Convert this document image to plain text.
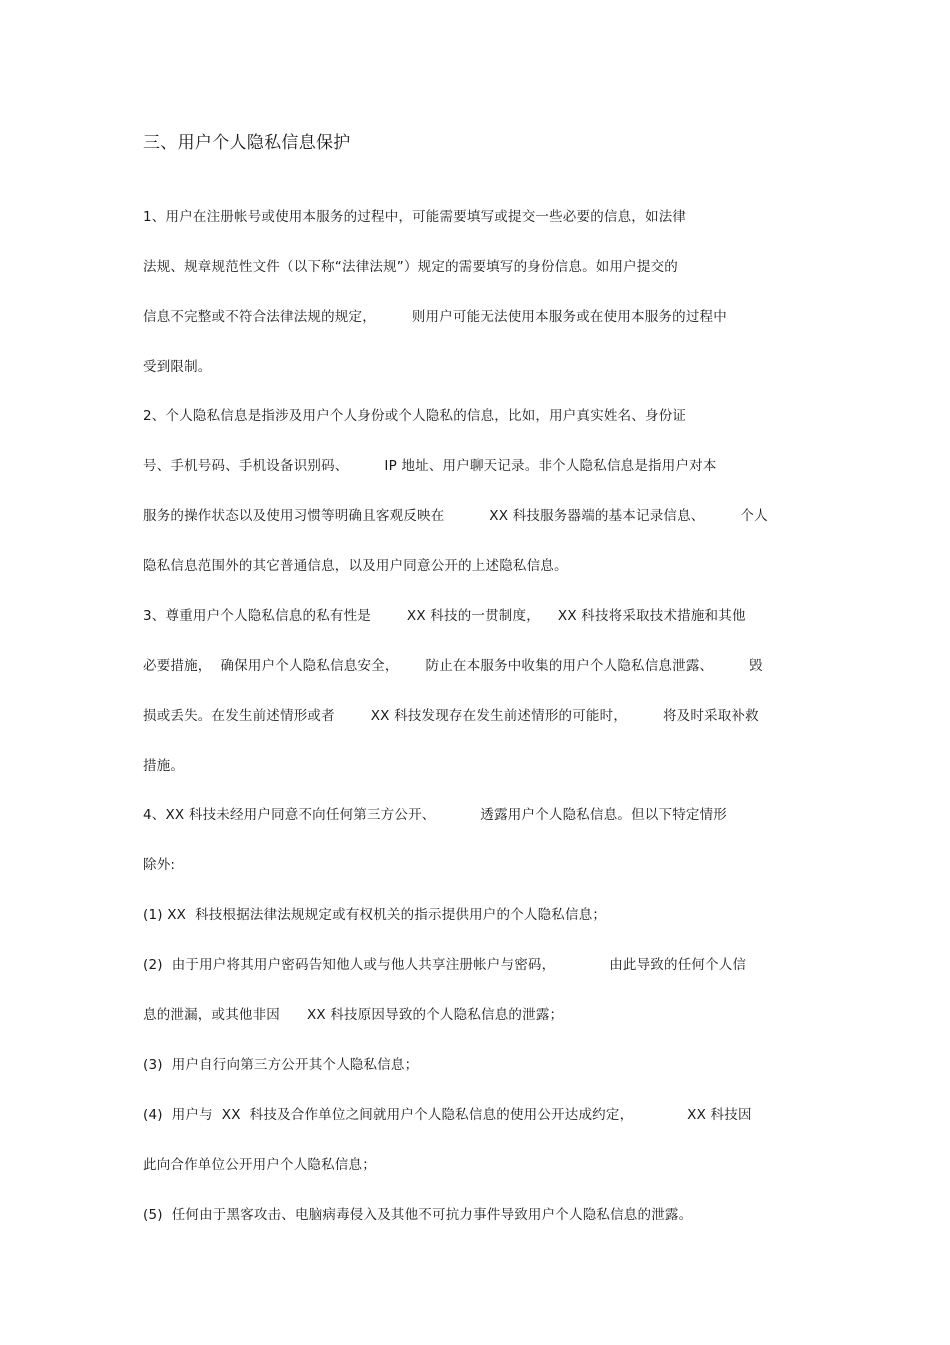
三、用户个人隐私信息保护
1、用户在注册帐号或使用本服务的过程中，可能需要填写或提交一些必要的信息，如法律
法规、规章规范性文件（以下称“法律法规”）规定的需要填写的身份信息。如用户提交的
信息不完整或不符合法律法规的规定，        则用户可能无法使用本服务或在使用本服务的过程中
受到限制。
2、个人隐私信息是指涉及用户个人身份或个人隐私的信息，比如，用户真实姓名、身份证
号、手机号码、手机设备识别码、        IP 地址、用户聊天记录。非个人隐私信息是指用户对本
服务的操作状态以及使用习惯等明确且客观反映在          XX 科技服务器端的基本记录信息、        个人
隐私信息范围外的其它普通信息，以及用户同意公开的上述隐私信息。
3、尊重用户个人隐私信息的私有性是        XX 科技的一贯制度，    XX 科技将采取技术措施和其他
必要措施，  确保用户个人隐私信息安全，      防止在本服务中收集的用户个人隐私信息泄露、        毁
损或丢失。在发生前述情形或者        XX 科技发现存在发生前述情形的可能时，        将及时采取补救
措施。
4、XX 科技未经用户同意不向任何第三方公开、          透露用户个人隐私信息。但以下特定情形
除外:
(1) XX  科技根据法律法规规定或有权机关的指示提供用户的个人隐私信息；
(2)  由于用户将其用户密码告知他人或与他人共享注册帐户与密码，            由此导致的任何个人信
息的泄漏，或其他非因      XX 科技原因导致的个人隐私信息的泄露；
(3)  用户自行向第三方公开其个人隐私信息；
(4)  用户与  XX  科技及合作单位之间就用户个人隐私信息的使用公开达成约定，            XX 科技因
此向合作单位公开用户个人隐私信息；
(5)  任何由于黑客攻击、电脑病毒侵入及其他不可抗力事件导致用户个人隐私信息的泄露。
